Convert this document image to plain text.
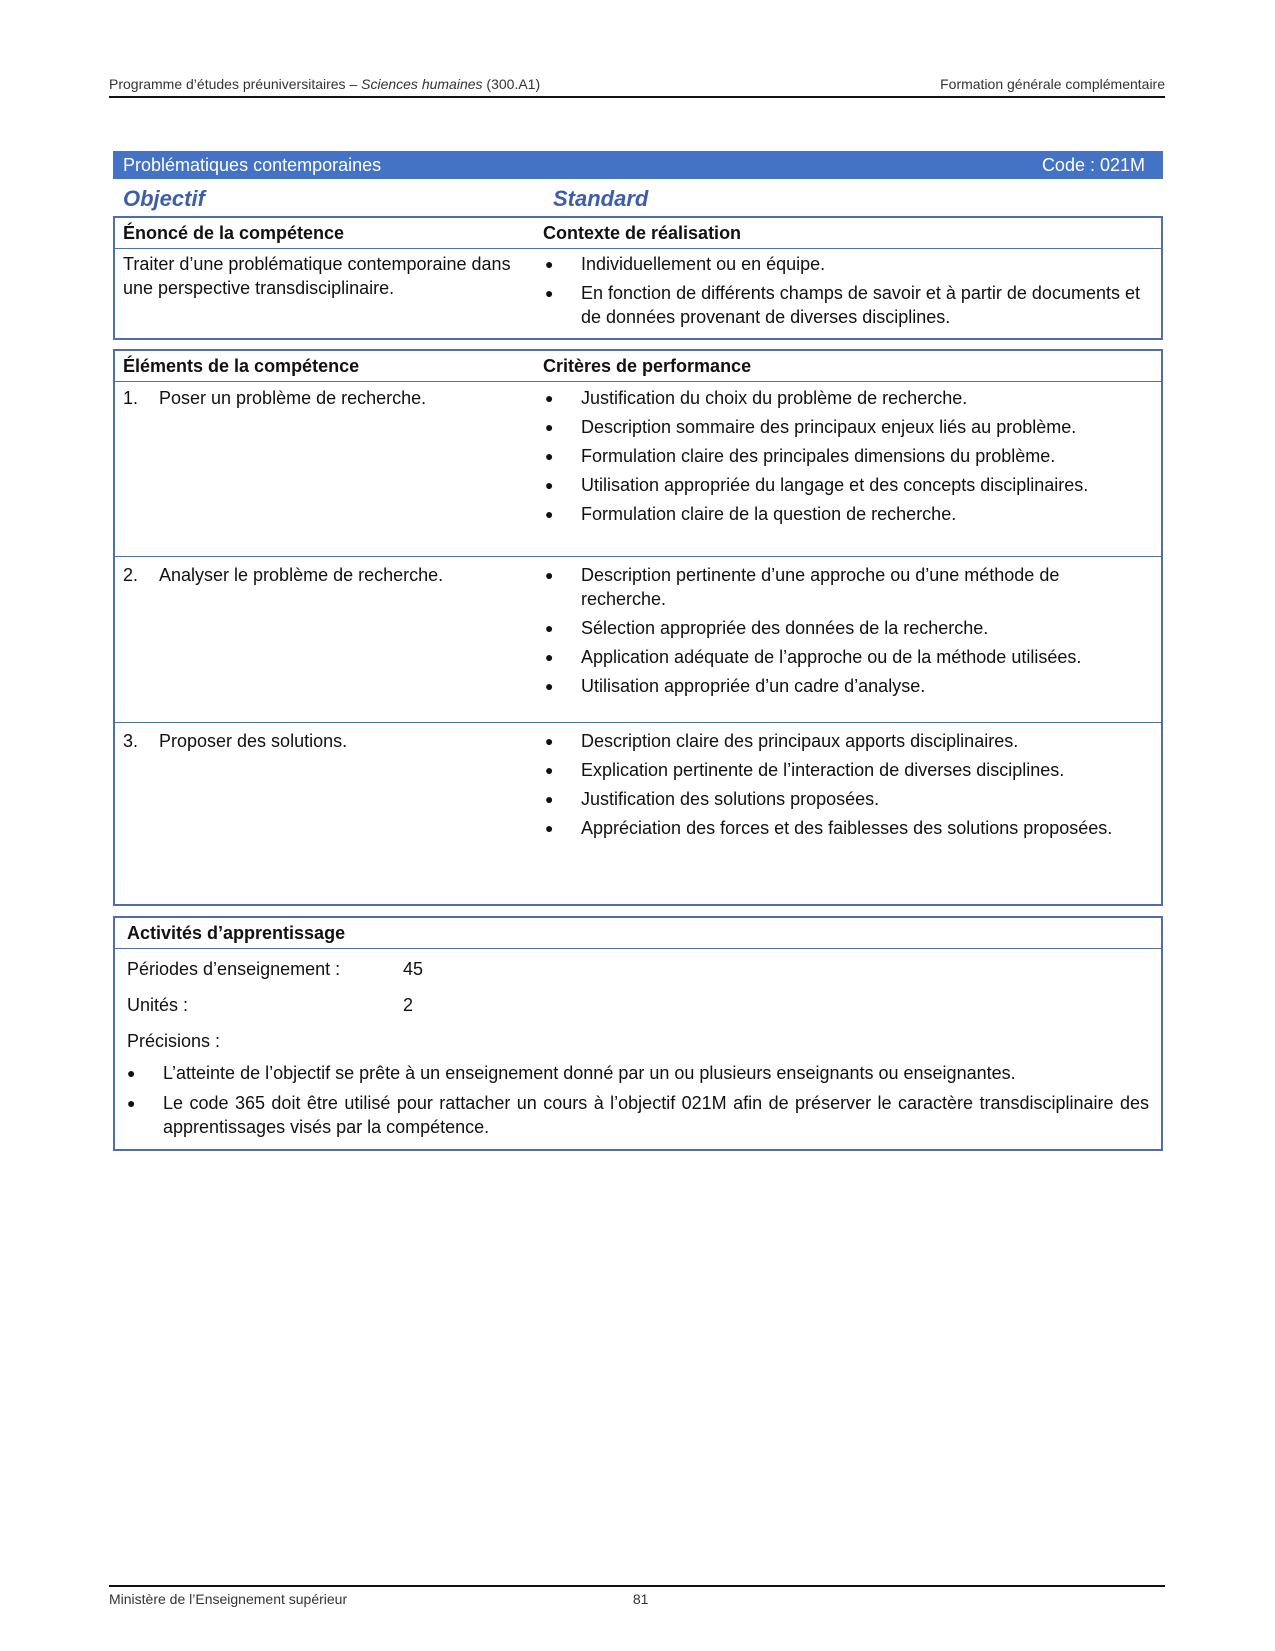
Programme d’études préuniversitaires – Sciences humaines (300.A1)	Formation générale complémentaire
Problématiques contemporaines	Code : 021M
Objectif	Standard
Énoncé de la compétence	Contexte de réalisation
Traiter d’une problématique contemporaine dans une perspective transdisciplinaire.
●	Individuellement ou en équipe.
●	En fonction de différents champs de savoir et à partir de documents et de données provenant de diverses disciplines.
Éléments de la compétence	Critères de performance
1.	Poser un problème de recherche.	●	Justification du choix du problème de recherche.
●	Description sommaire des principaux enjeux liés au problème.
●	Formulation claire des principales dimensions du problème.
●	Utilisation appropriée du langage et des concepts disciplinaires.
●	Formulation claire de la question de recherche.
2.	Analyser le problème de recherche.	●	Description pertinente d’une approche ou d’une méthode de recherche.
●	Sélection appropriée des données de la recherche.
●	Application adéquate de l’approche ou de la méthode utilisées.
●	Utilisation appropriée d’un cadre d’analyse.
3.	Proposer des solutions.	●	Description claire des principaux apports disciplinaires.
●	Explication pertinente de l’interaction de diverses disciplines.
●	Justification des solutions proposées.
●	Appréciation des forces et des faiblesses des solutions proposées.
Activités d’apprentissage
Périodes d’enseignement :	45
Unités :	2
Précisions :
●	L’atteinte de l’objectif se prête à un enseignement donné par un ou plusieurs enseignants ou enseignantes.
●	Le code 365 doit être utilisé pour rattacher un cours à l’objectif 021M afin de préserver le caractère transdisciplinaire des apprentissages visés par la compétence.
Ministère de l’Enseignement supérieur	81
